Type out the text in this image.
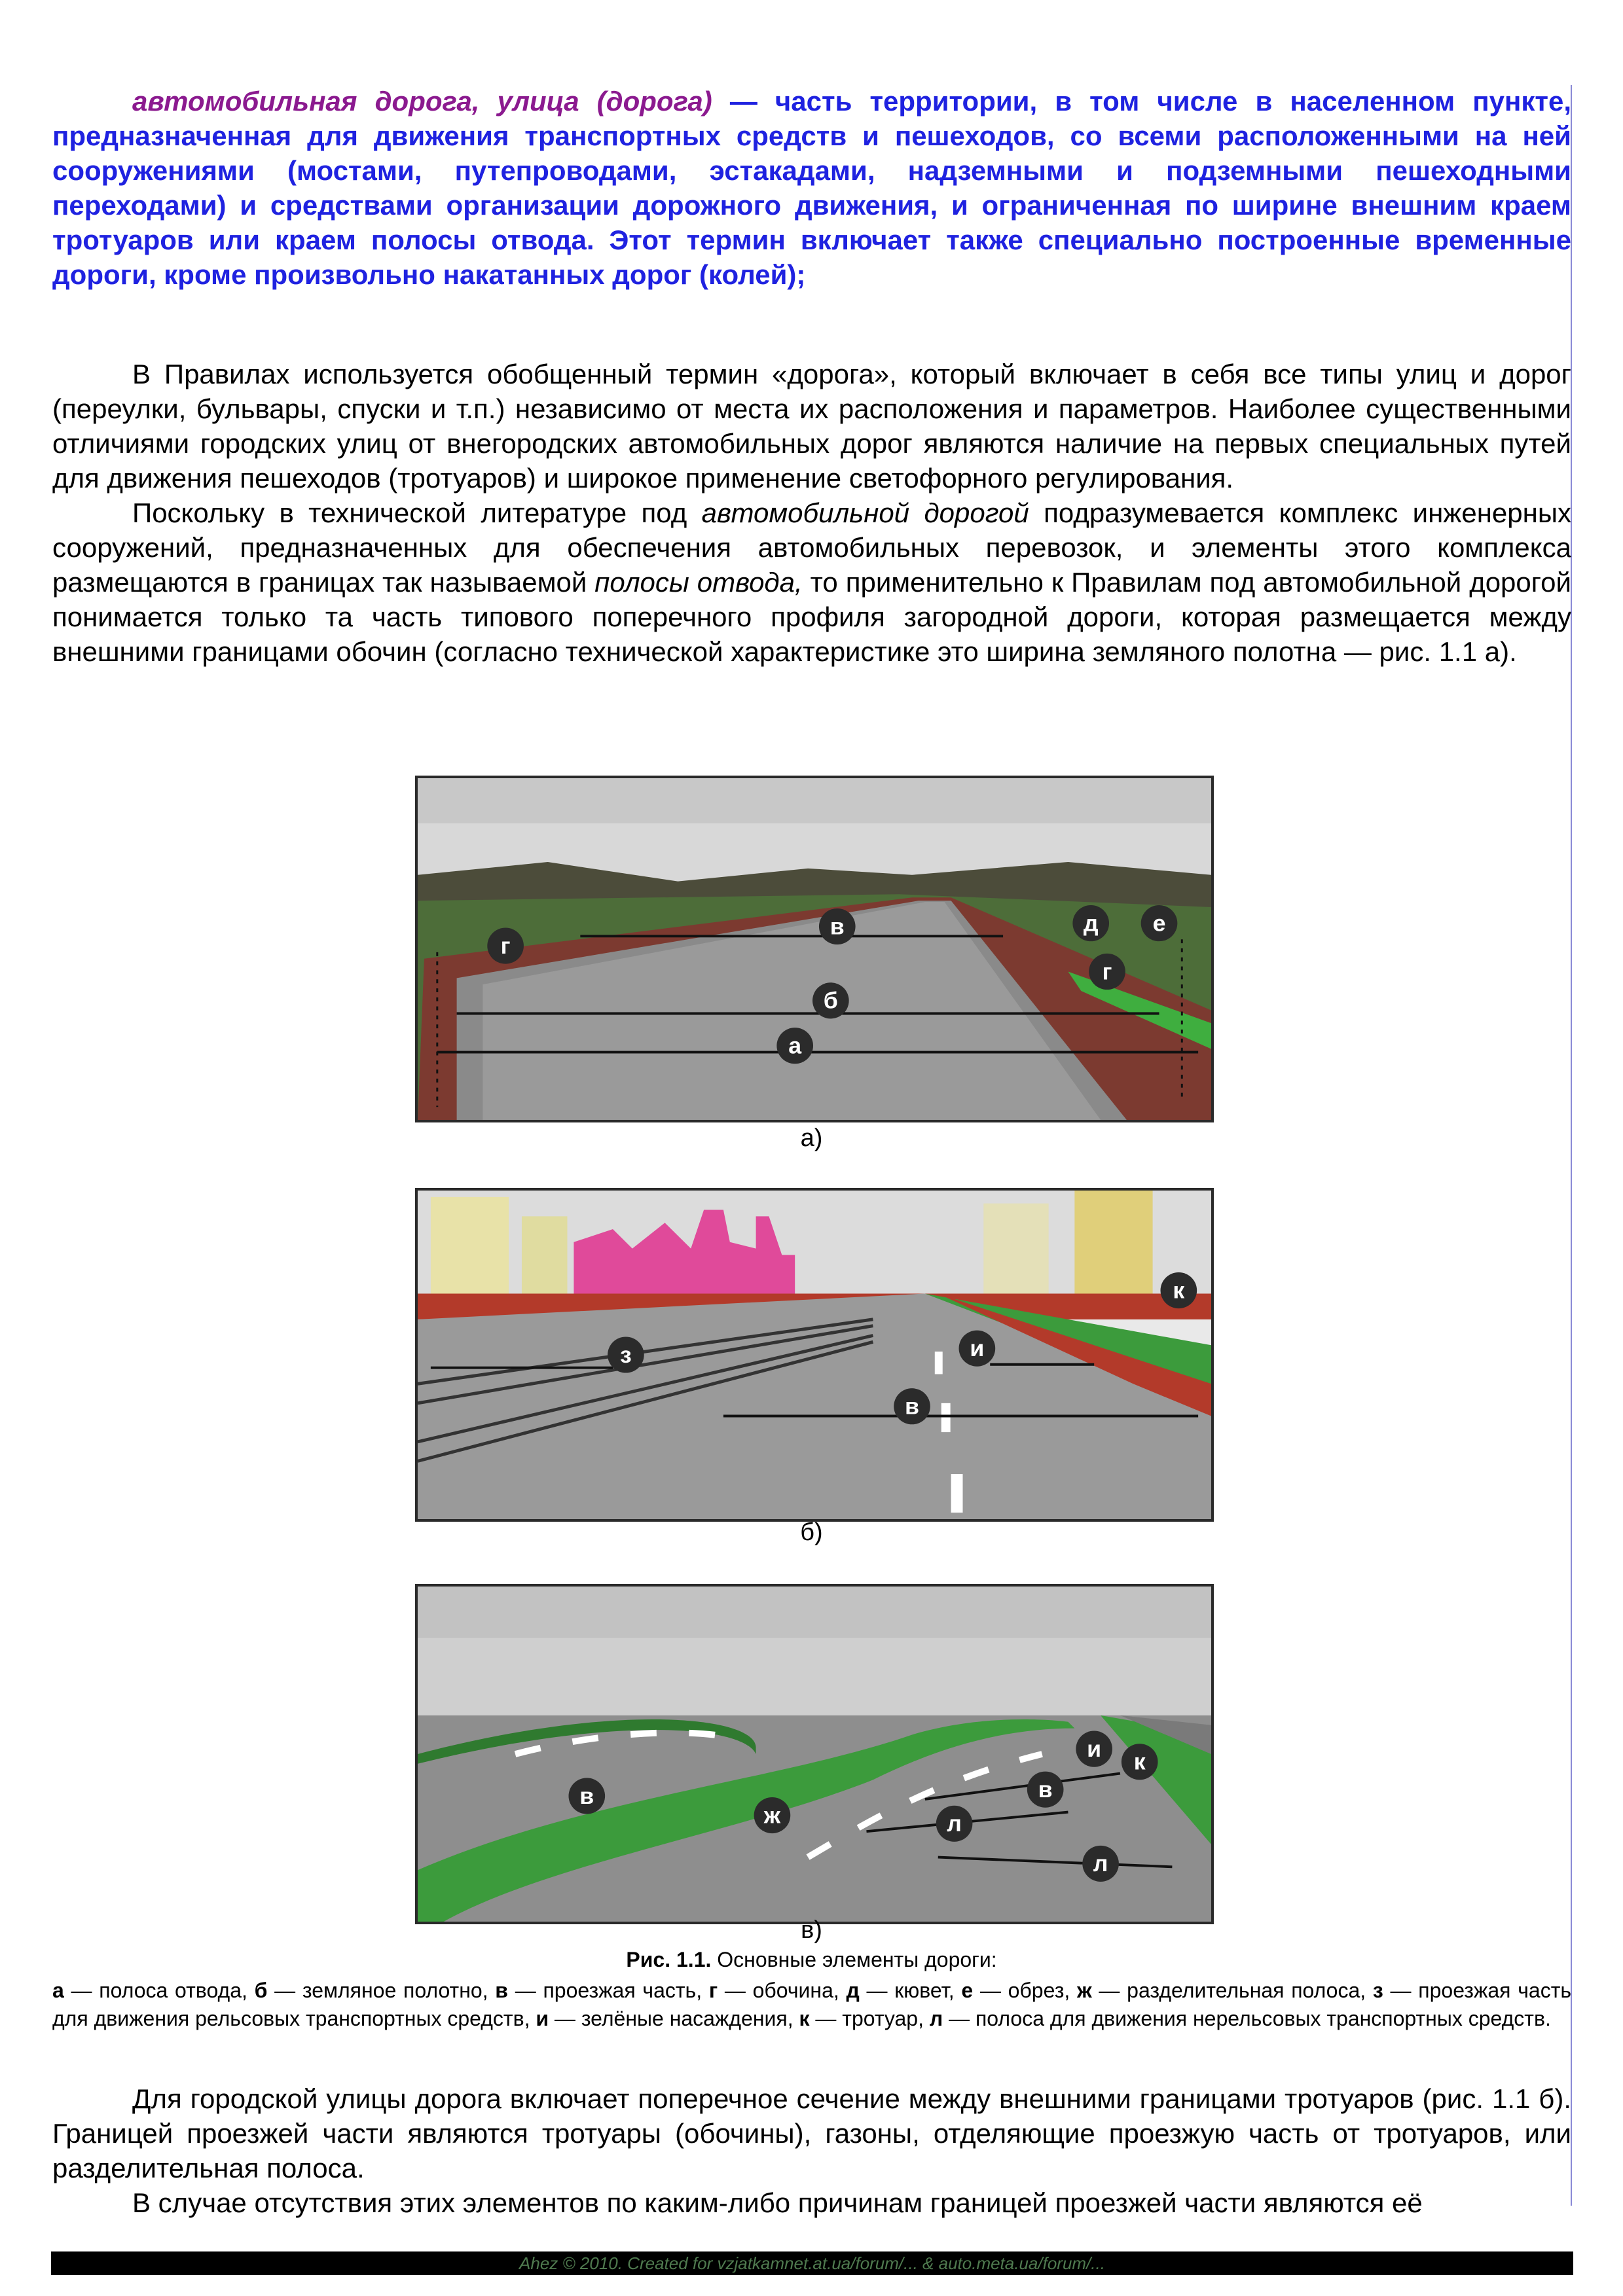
автомобильная дорога, улица (дорога) — часть территории, в том числе в населенном пункте, предназначенная для движения транспортных средств и пешеходов, со всеми расположенными на ней сооружениями (мостами, путепроводами, эстакадами, надземными и подземными пешеходными переходами) и средствами организации дорожного движения, и ограниченная по ширине внешним краем тротуаров или краем полосы отвода. Этот термин включает также специально построенные временные дороги, кроме произвольно накатанных дорог (колей);

В Правилах используется обобщенный термин «дорога», который включает в себя все типы улиц и дорог (переулки, бульвары, спуски и т.п.) независимо от места их расположения и параметров. Наиболее существенными отличиями городских улиц от внегородских автомобильных дорог являются наличие на первых специальных путей для движения пешеходов (тротуаров) и широкое применение светофорного регулирования.

Поскольку в технической литературе под автомобильной дорогой подразумевается комплекс инженерных сооружений, предназначенных для обеспечения автомобильных перевозок, и элементы этого комплекса размещаются в границах так называемой полосы отвода, то применительно к Правилам под автомобильной дорогой понимается только та часть типового поперечного профиля загородной дороги, которая размещается между внешними границами обочин (согласно технической характеристике это ширина земляного полотна — рис. 1.1 а).

в
г
д е
г
б
а
а)
з	и
к
в
б)
в
ж
и к
в
л
л
в)
Рис. 1.1. Основные элементы дороги:
а — полоса отвода, б — земляное полотно, в — проезжая часть, г — обочина, д — кювет, е — обрез, ж — разделительная полоса, з — проезжая часть для движения рельсовых транспортных средств, и — зелёные насаждения, к — тротуар, л — полоса для движения нерельсовых транспортных средств.

Для городской улицы дорога включает поперечное сечение между внешними границами тротуаров (рис. 1.1 б). Границей проезжей части являются тротуары (обочины), газоны, отделяющие проезжую часть от тротуаров, или разделительная полоса.

В случае отсутствия этих элементов по каким-либо причинам границей проезжей части являются её

Ahez © 2010. Created for vzjatkamnet.at.ua/forum/... & auto.meta.ua/forum/...
